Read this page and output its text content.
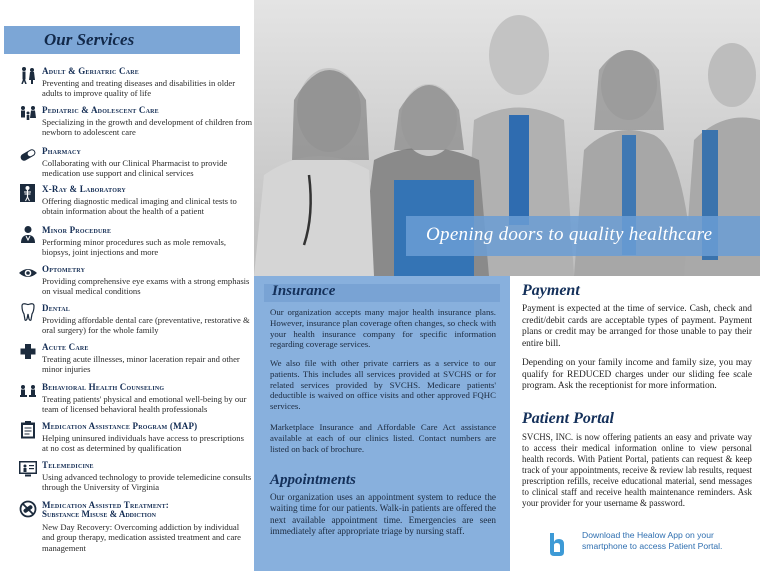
Our Services
Adult & Geriatric Care
Preventing and treating diseases and disabilities in older adults to improve quality of life
Pediatric & Adolescent Care
Specializing in the growth and development of children from newborn to adolescent care
Pharmacy
Collaborating with our Clinical Pharmacist to provide medication use support and clinical services
X-Ray & Laboratory
Offering diagnostic medical imaging and clinical tests to obtain information about the health of a patient
Minor Procedure
Performing minor procedures such as mole removals, biopsys, joint injections and more
Optometry
Providing comprehensive eye exams with a strong emphasis on visual medical conditions
Dental
Providing affordable dental care (preventative, restorative & oral surgery) for the whole family
Acute Care
Treating acute illnesses, minor laceration repair and other minor injuries
Behavioral Health Counseling
Treating patients' physical and emotional well-being by our team of licensed behavioral health professionals
Medication Assistance Program (MAP)
Helping uninsured individuals have access to prescriptions at no cost as determined by qualification
Telemedicine
Using advanced technology to provide telemedicine consults through the University of Virginia
Medication Assisted Treatment:
Substance Misuse & Addiction
New Day Recovery: Overcoming addiction by individual and group therapy, medication assisted treatment and care management
Opening doors to quality healthcare
Insurance

Our organization accepts many major health insurance plans. However, insurance plan coverage often changes, so check with your health insurance company for specific information regarding coverage services.

We also file with other private carriers as a service to our patients. This includes all services provided at SVCHS or for related services provided by SVCHS. Medicare patients' deductible is waived on office visits and other approved FQHC services.

Marketplace Insurance and Affordable Care Act assistance available at each of our clinics listed. Contact numbers are listed on back of brochure.

Appointments

Our organization uses an appointment system to reduce the waiting time for our patients. Walk-in patients are offered the next available appointment time. Emergencies are seen immediately after appropriate triage by nursing staff.

Payment

Payment is expected at the time of service. Cash, check and credit/debit cards are acceptable types of payment. Payment plans or credit may be arranged for those unable to pay their entire bill.

Depending on your family income and family size, you may qualify for REDUCED charges under our sliding fee scale program. Ask the receptionist for more information.

Patient Portal

SVCHS, INC. is now offering patients an easy and private way to access their medical information online to view personal health records. With Patient Portal, patients can request & keep track of your appointments, receive & review lab results, request prescription refills, receive educational material, send messages to clinical staff and receive health maintenance reminders. Ask your provider for your username & password.

Download the Healow App on your
smartphone to access Patient Portal.
